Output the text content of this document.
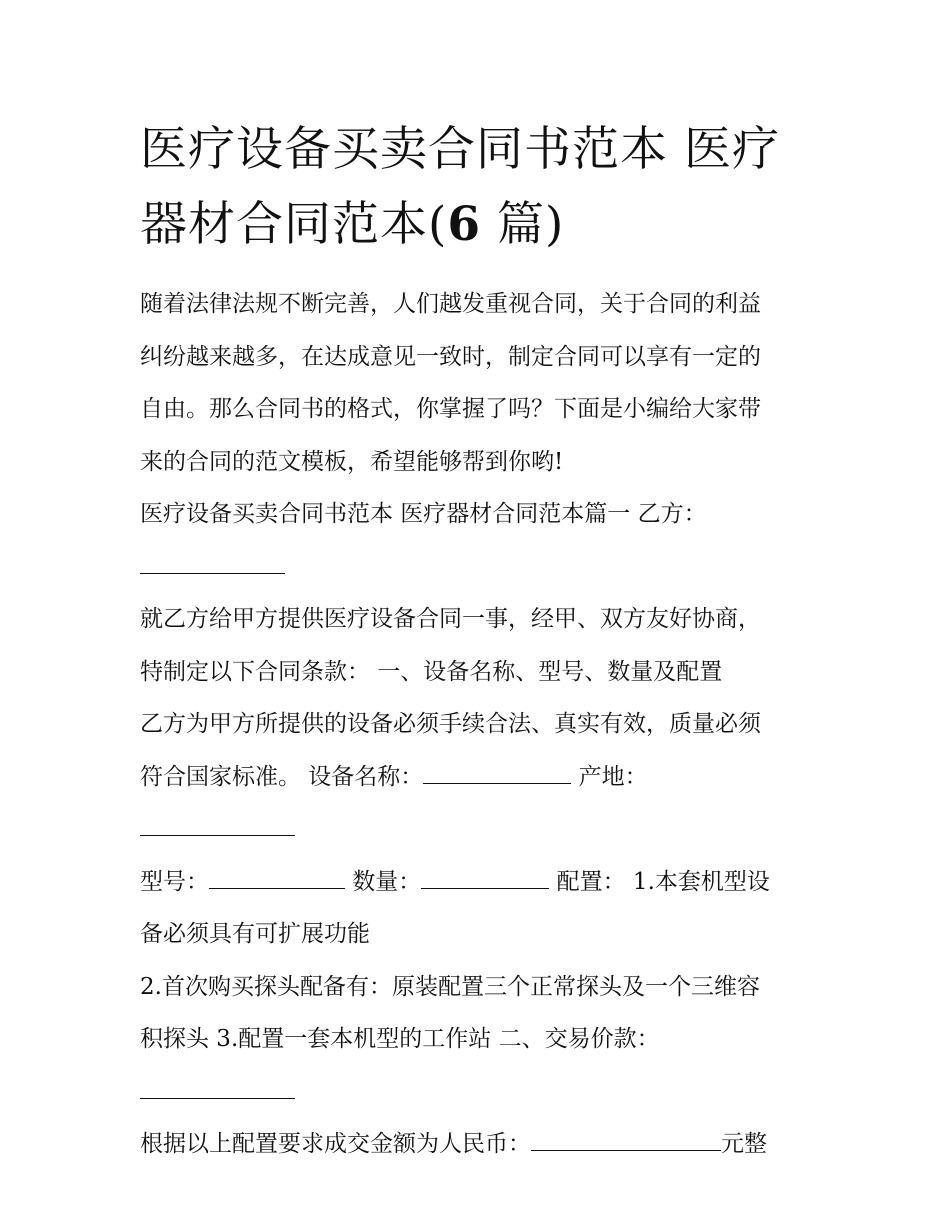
医疗设备买卖合同书范本 医疗
器材合同范本(6 篇)
随着法律法规不断完善，人们越发重视合同，关于合同的利益
纠纷越来越多，在达成意见一致时，制定合同可以享有一定的
自由。那么合同书的格式，你掌握了吗？下面是小编给大家带
来的合同的范文模板，希望能够帮到你哟!
医疗设备买卖合同书范本 医疗器材合同范本篇一 乙方：
就乙方给甲方提供医疗设备合同一事，经甲、双方友好协商，
特制定以下合同条款： 一、设备名称、型号、数量及配置
乙方为甲方所提供的设备必须手续合法、真实有效，质量必须
符合国家标准。 设备名称：	产地：
型号：	数量：	配置： 1.本套机型设
备必须具有可扩展功能
2.首次购买探头配备有：原装配置三个正常探头及一个三维容
积探头 3.配置一套本机型的工作站 二、交易价款：
根据以上配置要求成交金额为人民币：	元整
